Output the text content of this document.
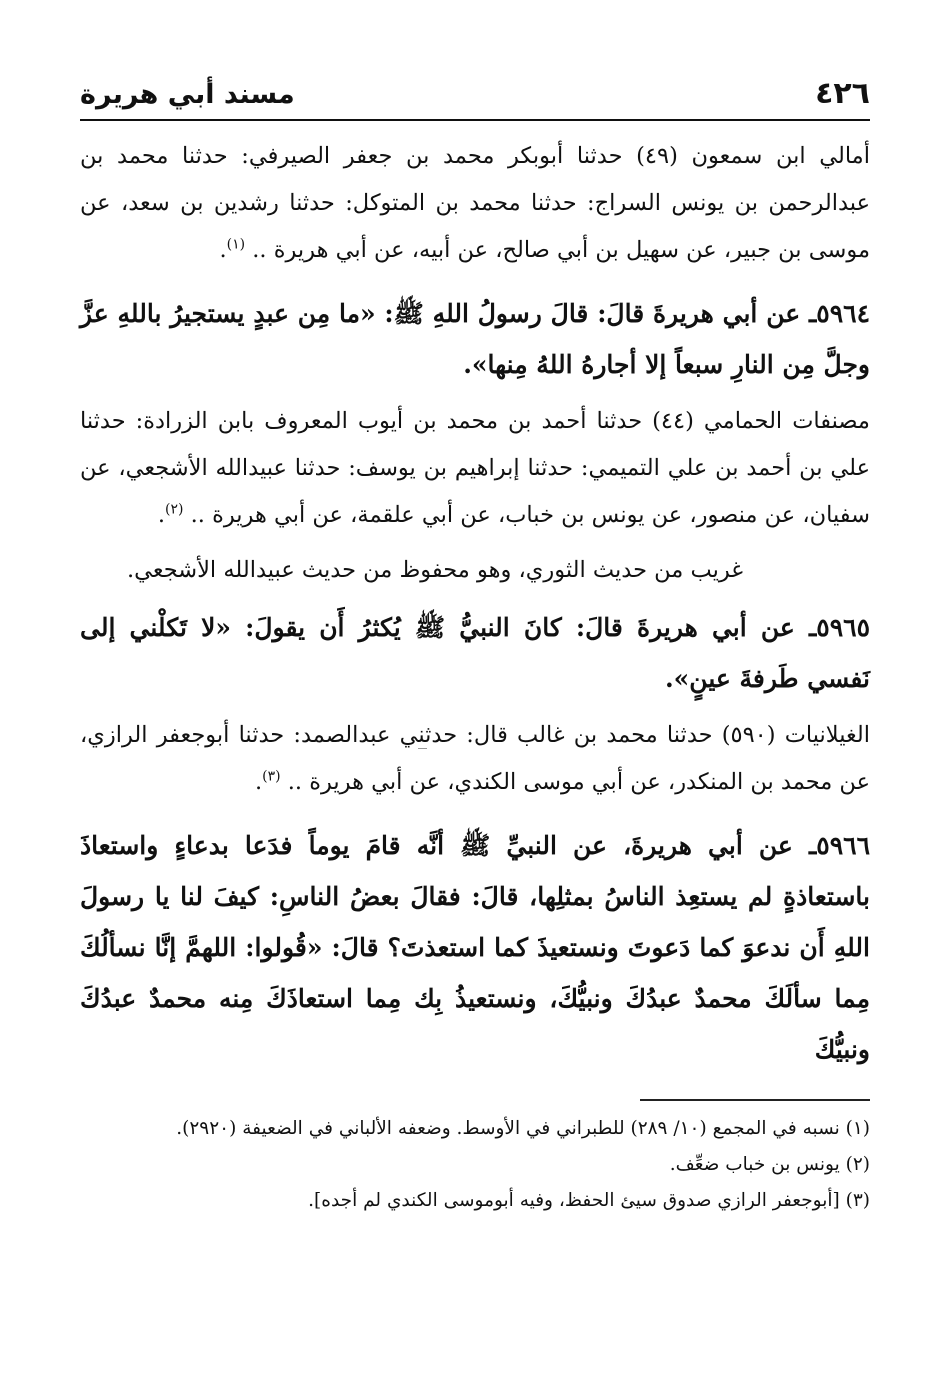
٤٢٦
مسند أبي هريرة

أمالي ابن سمعون (٤٩) حدثنا أبوبكر محمد بن جعفر الصيرفي: حدثنا محمد بن عبدالرحمن بن يونس السراج: حدثنا محمد بن المتوكل: حدثنا رشدين بن سعد، عن موسى بن جبير، عن سهيل بن أبي صالح، عن أبيه، عن أبي هريرة .. $^{(١)}$.

٥٩٦٤ـ عن أبي هريرةَ قالَ: قالَ رسولُ اللهِ ﷺ: «ما مِن عبدٍ يستجيرُ باللهِ عزَّ وجلَّ مِن النارِ سبعاً إلا أجارهُ اللهُ مِنها».

مصنفات الحمامي (٤٤) حدثنا أحمد بن محمد بن أيوب المعروف بابن الزرادة: حدثنا علي بن أحمد بن علي التميمي: حدثنا إبراهيم بن يوسف: حدثنا عبيدالله الأشجعي، عن سفيان، عن منصور، عن يونس بن خباب، عن أبي علقمة، عن أبي هريرة .. $^{(٢)}$.

غريب من حديث الثوري، وهو محفوظ من حديث عبيدالله الأشجعي.

٥٩٦٥ـ عن أبي هريرةَ قالَ: كانَ النبيُّ ﷺ يُكثرُ أَن يقولَ: «لا تَكلْني إلى نَفسي طَرفةَ عينٍ».

الغيلانيات (٥٩٠) حدثنا محمد بن غالب قال: حدثني عبدالصمد: حدثنا أبوجعفر الرازي، عن محمد بن المنكدر، عن أبي موسى الكندي، عن أبي هريرة .. $^{(٣)}$.

٥٩٦٦ـ عن أبي هريرةَ، عن النبيِّ ﷺ أنَّه قامَ يوماً فدَعا بدعاءٍ واستعاذَ باستعاذةٍ لم يستعِذ الناسُ بمثلِها، قالَ: فقالَ بعضُ الناسِ: كيفَ لنا يا رسولَ اللهِ أَن ندعوَ كما دَعوتَ ونستعيذَ كما استعذتَ؟ قالَ: «قُولوا: اللهمَّ إنَّا نسألُكَ مِما سألَكَ محمدٌ عبدُكَ ونبيُّكَ، ونستعيذُ بِك مِما استعاذَكَ مِنه محمدٌ عبدُكَ ونبيُّكَ

(١) نسبه في المجمع (١٠/ ٢٨٩) للطبراني في الأوسط. وضعفه الألباني في الضعيفة (٢٩٢٠).

(٢) يونس بن خباب ضعِّف.

(٣) [أبوجعفر الرازي صدوق سيئ الحفظ، وفيه أبوموسى الكندي لم أجده].
